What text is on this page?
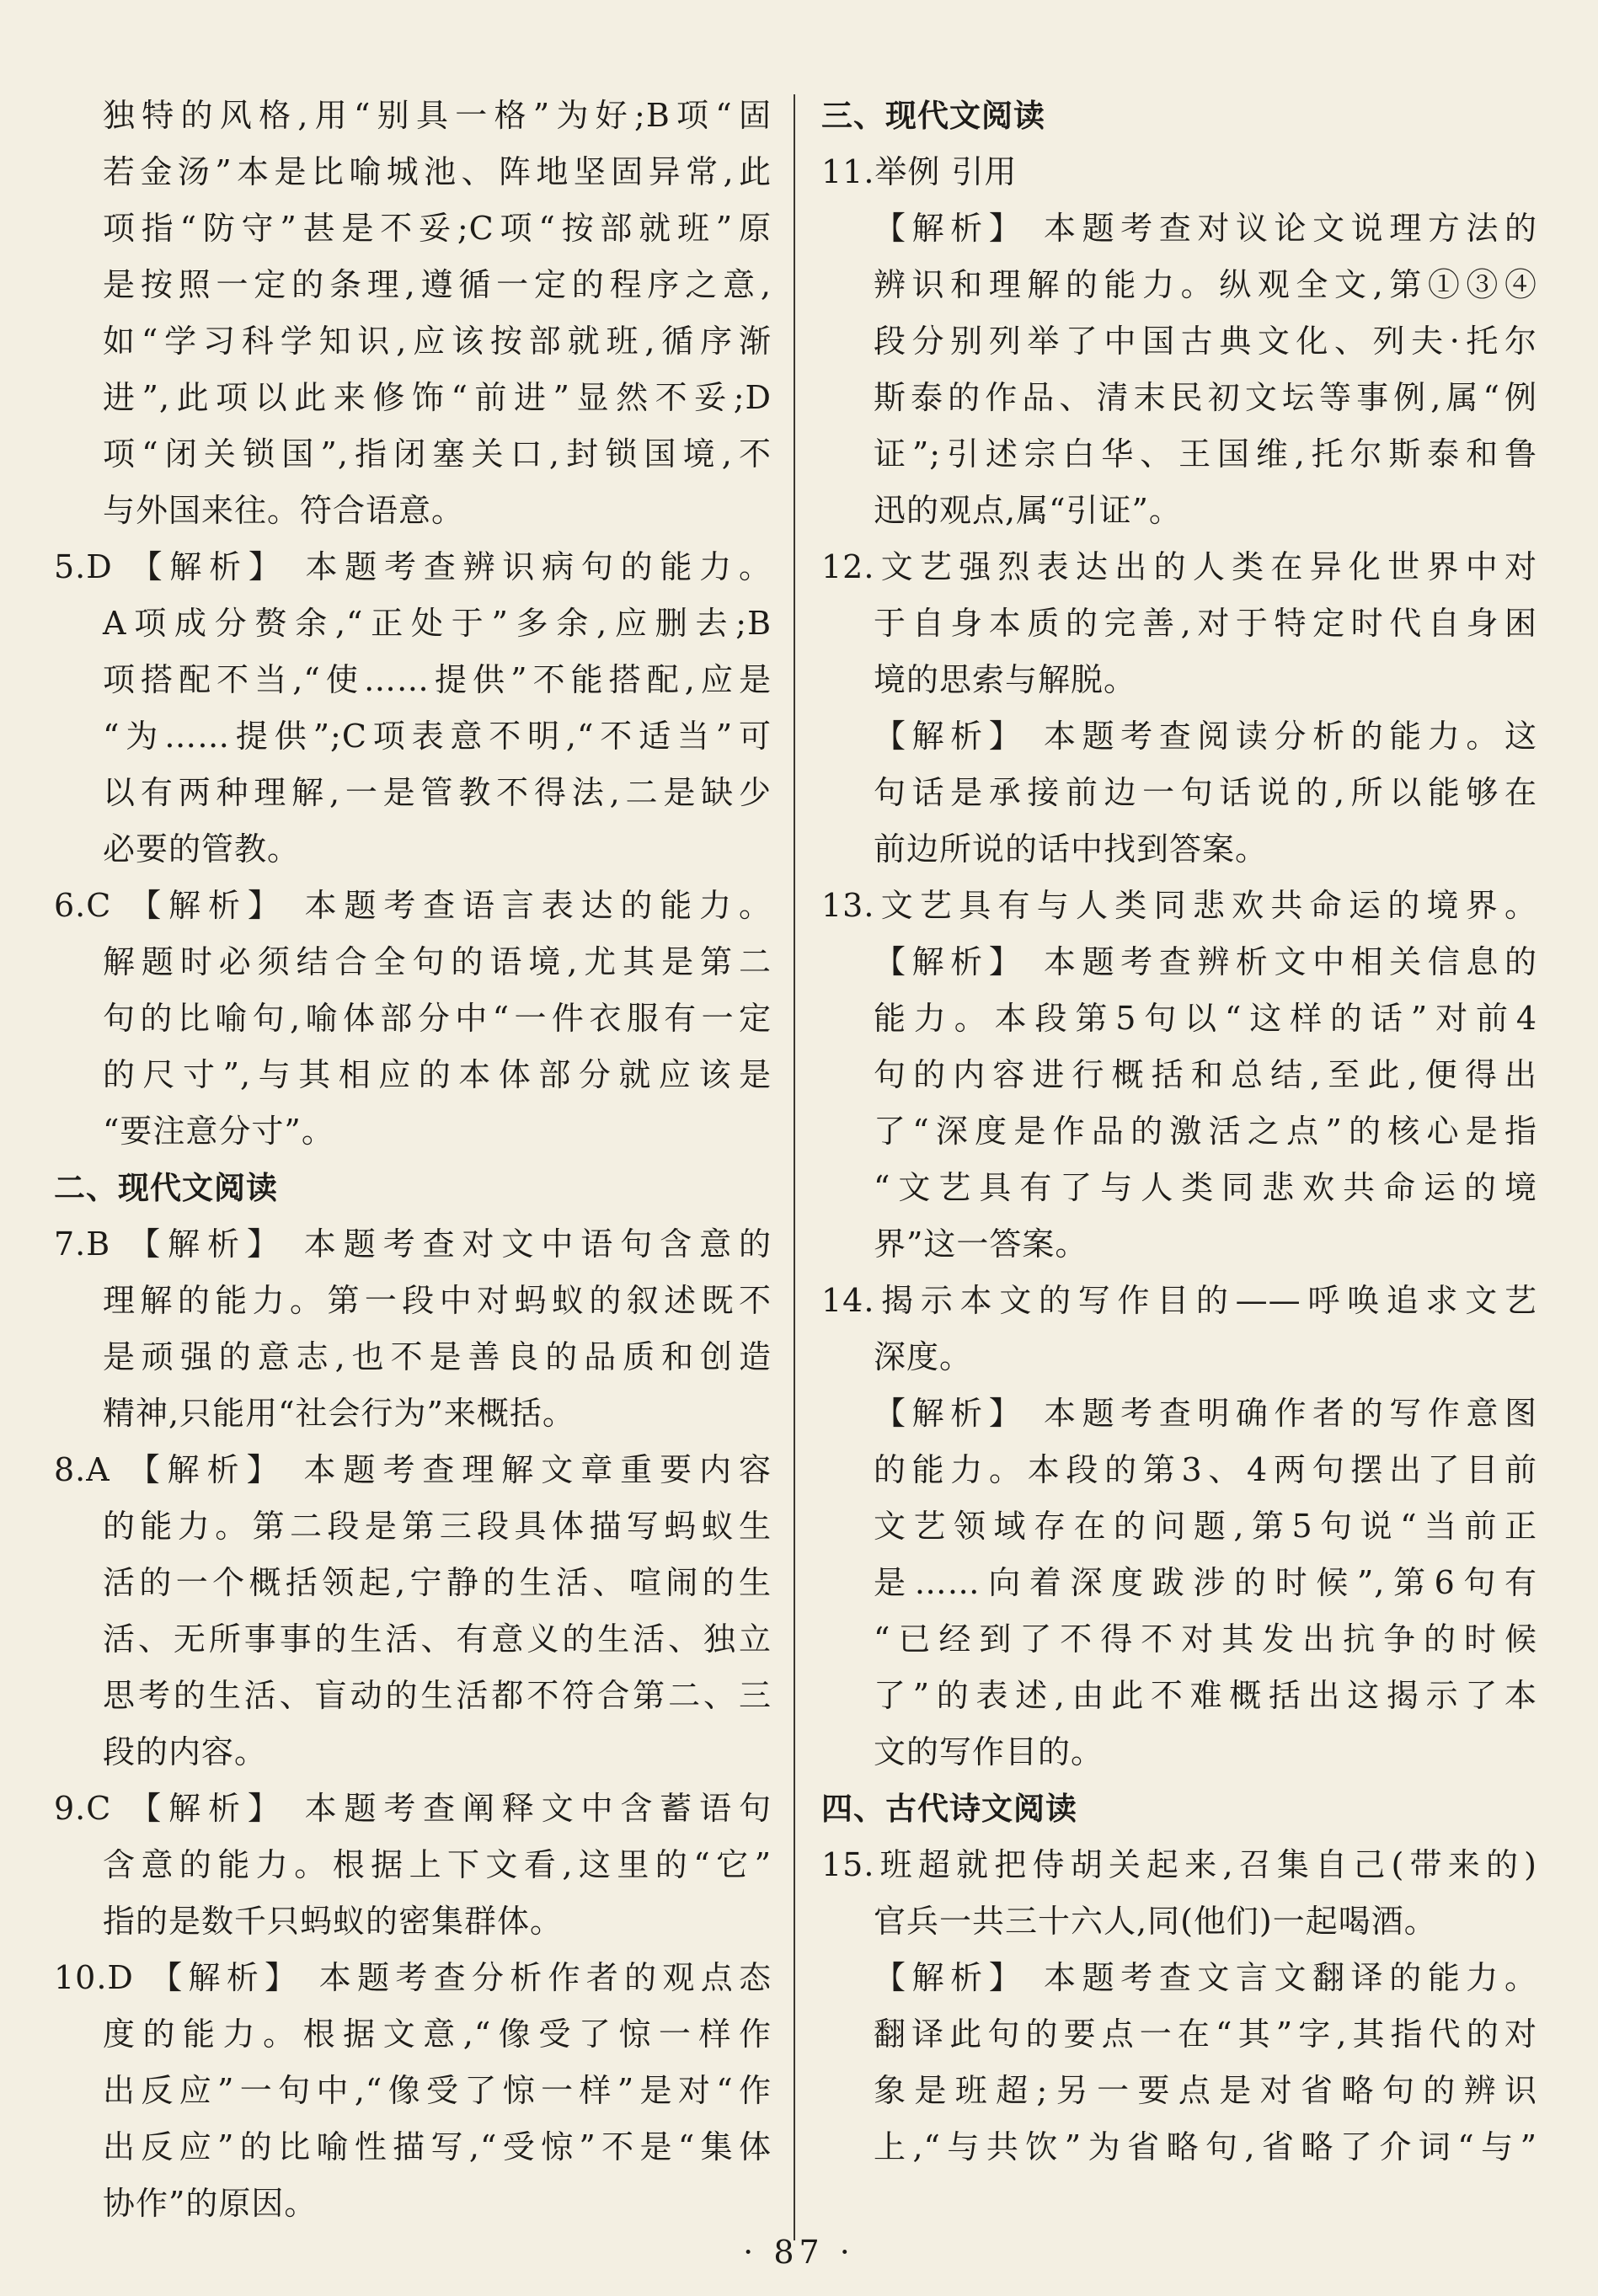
独特的风格,用“别具一格”为好;B项“固
若金汤”本是比喻城池、阵地坚固异常,此
项指“防守”甚是不妥;C项“按部就班”原
是按照一定的条理,遵循一定的程序之意,
如“学习科学知识,应该按部就班,循序渐
进”,此项以此来修饰“前进”显然不妥;D
项“闭关锁国”,指闭塞关口,封锁国境,不
与外国来往。符合语意。
5.D 【解析】 本题考查辨识病句的能力。
A项成分赘余,“正处于”多余,应删去;B
项搭配不当,“使……提供”不能搭配,应是
“为……提供”;C项表意不明,“不适当”可
以有两种理解,一是管教不得法,二是缺少
必要的管教。
6.C 【解析】 本题考查语言表达的能力。
解题时必须结合全句的语境,尤其是第二
句的比喻句,喻体部分中“一件衣服有一定
的尺寸”,与其相应的本体部分就应该是
“要注意分寸”。
二、现代文阅读
7.B 【解析】 本题考查对文中语句含意的
理解的能力。第一段中对蚂蚁的叙述既不
是顽强的意志,也不是善良的品质和创造
精神,只能用“社会行为”来概括。
8.A 【解析】 本题考查理解文章重要内容
的能力。第二段是第三段具体描写蚂蚁生
活的一个概括领起,宁静的生活、喧闹的生
活、无所事事的生活、有意义的生活、独立
思考的生活、盲动的生活都不符合第二、三
段的内容。
9.C 【解析】 本题考查阐释文中含蓄语句
含意的能力。根据上下文看,这里的“它”
指的是数千只蚂蚁的密集群体。
10.D 【解析】 本题考查分析作者的观点态
度的能力。根据文意,“像受了惊一样作
出反应”一句中,“像受了惊一样”是对“作
出反应”的比喻性描写,“受惊”不是“集体
协作”的原因。
三、现代文阅读
11.举例 引用
【解析】 本题考查对议论文说理方法的
辨识和理解的能力。纵观全文,第①③④
段分别列举了中国古典文化、列夫·托尔
斯泰的作品、清末民初文坛等事例,属“例
证”;引述宗白华、王国维,托尔斯泰和鲁
迅的观点,属“引证”。
12.文艺强烈表达出的人类在异化世界中对
于自身本质的完善,对于特定时代自身困
境的思索与解脱。
【解析】 本题考查阅读分析的能力。这
句话是承接前边一句话说的,所以能够在
前边所说的话中找到答案。
13.文艺具有与人类同悲欢共命运的境界。
【解析】 本题考查辨析文中相关信息的
能力。本段第5句以“这样的话”对前4
句的内容进行概括和总结,至此,便得出
了“深度是作品的激活之点”的核心是指
“文艺具有了与人类同悲欢共命运的境
界”这一答案。
14.揭示本文的写作目的——呼唤追求文艺
深度。
【解析】 本题考查明确作者的写作意图
的能力。本段的第3、4两句摆出了目前
文艺领域存在的问题,第5句说“当前正
是……向着深度跋涉的时候”,第6句有
“已经到了不得不对其发出抗争的时候
了”的表述,由此不难概括出这揭示了本
文的写作目的。
四、古代诗文阅读
15.班超就把侍胡关起来,召集自己(带来的)
官兵一共三十六人,同(他们)一起喝酒。
【解析】 本题考查文言文翻译的能力。
翻译此句的要点一在“其”字,其指代的对
象是班超;另一要点是对省略句的辨识
上,“与共饮”为省略句,省略了介词“与”
· 87 ·
